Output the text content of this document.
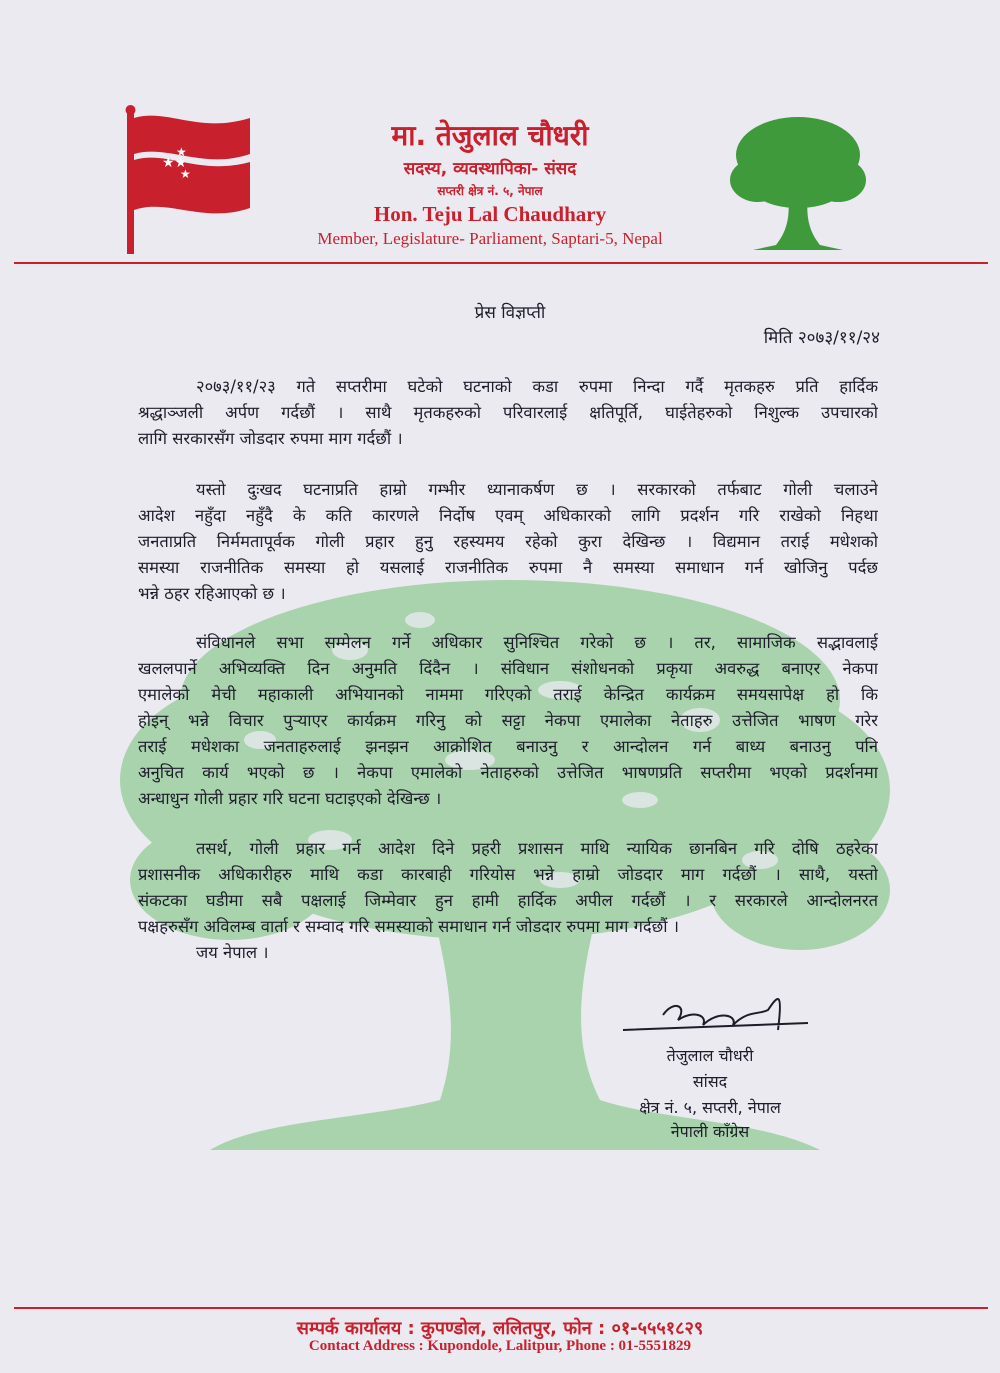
★★
★
★
मा. तेजुलाल चौधरी
सदस्य, व्यवस्थापिका- संसद
सप्तरी क्षेत्र नं. ५, नेपाल
Hon. Teju Lal Chaudhary
Member, Legislature- Parliament, Saptari-5, Nepal
प्रेस विज्ञप्ती
मिति २०७३/११/२४
२०७३/११/२३ गते सप्तरीमा घटेको घटनाको कडा रुपमा निन्दा गर्दै मृतकहरु प्रति हार्दिक
श्रद्धाञ्जली अर्पण गर्दछौं । साथै मृतकहरुको परिवारलाई क्षतिपूर्ति, घाईतेहरुको निशुल्क उपचारको
लागि सरकारसँग जोडदार रुपमा माग गर्दछौं ।
यस्तो दुःखद घटनाप्रति हाम्रो गम्भीर ध्यानाकर्षण छ । सरकारको तर्फबाट गोली चलाउने
आदेश नहुँदा नहुँदै के कति कारणले निर्दोष एवम् अधिकारको लागि प्रदर्शन गरि राखेको निहथा
जनताप्रति निर्ममतापूर्वक गोली प्रहार हुनु रहस्यमय रहेको कुरा देखिन्छ । विद्यमान तराई मधेशको
समस्या राजनीतिक समस्या हो यसलाई राजनीतिक रुपमा नै समस्या समाधान गर्न खोजिनु पर्दछ
भन्ने ठहर रहिआएको छ ।
संविधानले सभा सम्मेलन गर्ने अधिकार सुनिश्चित गरेको छ । तर, सामाजिक सद्भावलाई
खललपार्ने अभिव्यक्ति दिन अनुमति दिंदैन । संविधान संशोधनको प्रकृया अवरुद्ध बनाएर नेकपा
एमालेको मेची महाकाली अभियानको नाममा गरिएको तराई केन्द्रित कार्यक्रम समयसापेक्ष हो कि
होइन् भन्ने विचार पुऱ्याएर कार्यक्रम गरिनु को सट्टा नेकपा एमालेका नेताहरु उत्तेजित भाषण गरेर
तराई मधेशका जनताहरुलाई झनझन आक्रोशित बनाउनु र आन्दोलन गर्न बाध्य बनाउनु पनि
अनुचित कार्य भएको छ । नेकपा एमालेको नेताहरुको उत्तेजित भाषणप्रति सप्तरीमा भएको प्रदर्शनमा
अन्धाधुन गोली प्रहार गरि घटना घटाइएको देखिन्छ ।
तसर्थ, गोली प्रहार गर्न आदेश दिने प्रहरी प्रशासन माथि न्यायिक छानबिन गरि दोषि ठहरेका
प्रशासनीक अधिकारीहरु माथि कडा कारबाही गरियोस भन्ने हाम्रो जोडदार माग गर्दछौं । साथै, यस्तो
संकटका घडीमा सबै पक्षलाई जिम्मेवार हुन हामी हार्दिक अपील गर्दछौं । र सरकारले आन्दोलनरत
पक्षहरुसँग अविलम्ब वार्ता र सम्वाद गरि समस्याको समाधान गर्न जोडदार रुपमा माग गर्दछौं ।
जय नेपाल ।
तेजुलाल चौधरी
सांसद
क्षेत्र नं. ५, सप्तरी, नेपाल
नेपाली काँग्रेस
सम्पर्क कार्यालय : कुपण्डोल, ललितपुर, फोन : ०१-५५५१८२९
Contact Address : Kupondole, Lalitpur, Phone : 01-5551829
